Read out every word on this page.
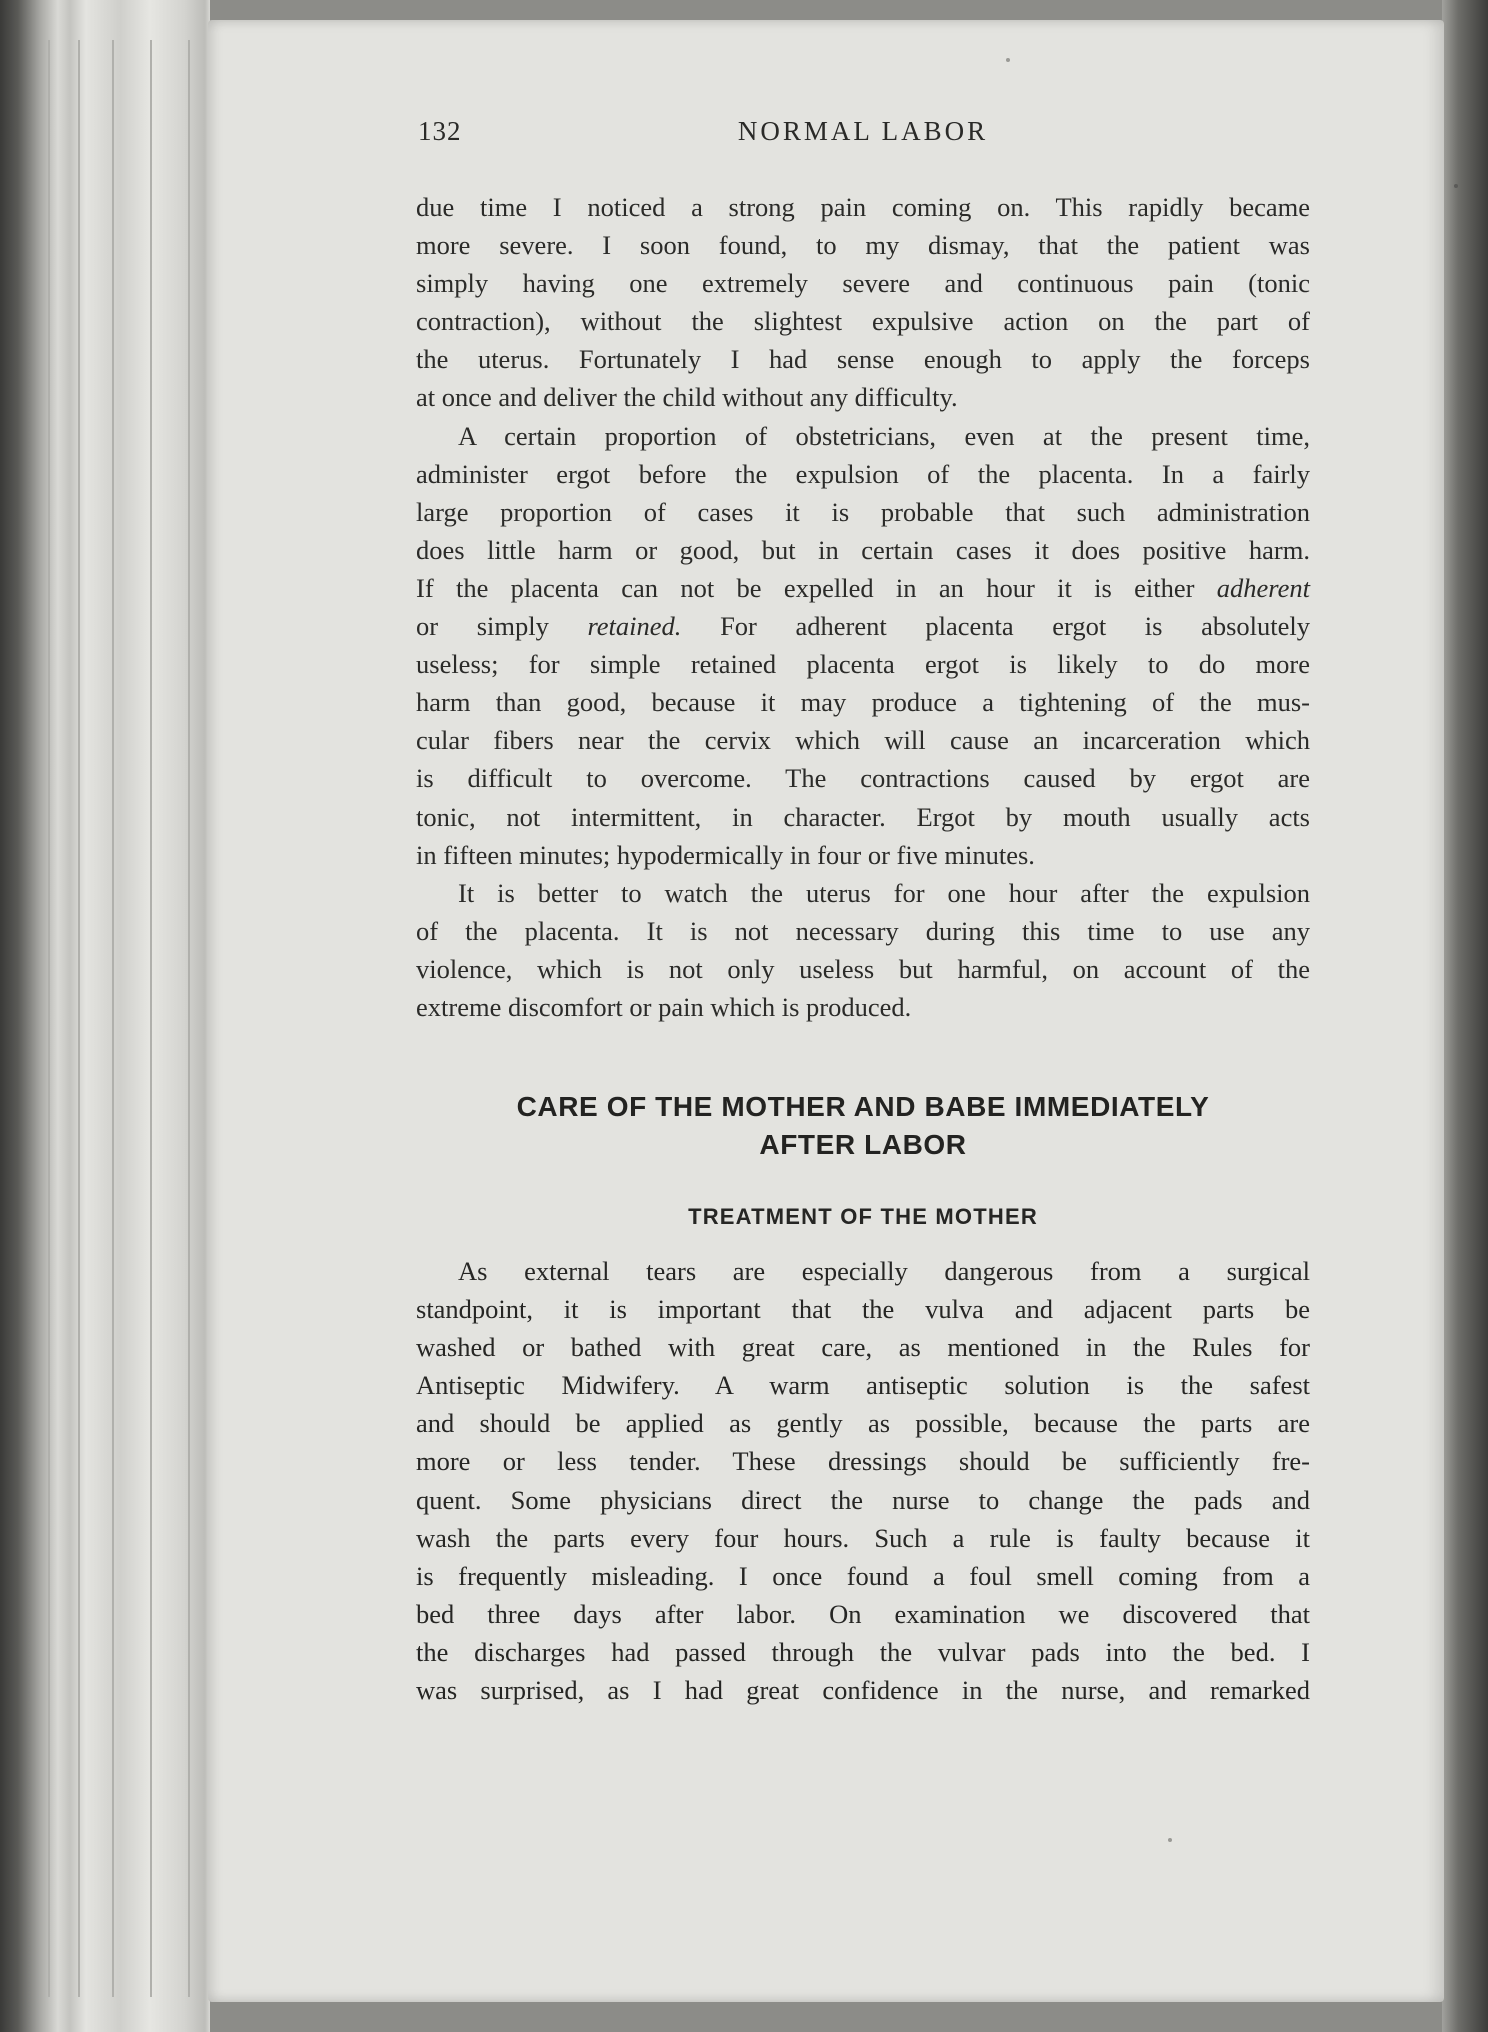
132	NORMAL LABOR

due time I noticed a strong pain coming on. This rapidly became
more severe. I soon found, to my dismay, that the patient was
simply having one extremely severe and continuous pain (tonic
contraction), without the slightest expulsive action on the part of
the uterus. Fortunately I had sense enough to apply the forceps
at once and deliver the child without any difficulty.

A certain proportion of obstetricians, even at the present time,
administer ergot before the expulsion of the placenta. In a fairly
large proportion of cases it is probable that such administration
does little harm or good, but in certain cases it does positive harm.
If the placenta can not be expelled in an hour it is either adherent
or simply retained. For adherent placenta ergot is absolutely
useless; for simple retained placenta ergot is likely to do more
harm than good, because it may produce a tightening of the mus-
cular fibers near the cervix which will cause an incarceration which
is difficult to overcome. The contractions caused by ergot are
tonic, not intermittent, in character. Ergot by mouth usually acts
in fifteen minutes; hypodermically in four or five minutes.

It is better to watch the uterus for one hour after the expulsion
of the placenta. It is not necessary during this time to use any
violence, which is not only useless but harmful, on account of the
extreme discomfort or pain which is produced.

CARE OF THE MOTHER AND BABE IMMEDIATELY
AFTER LABOR
TREATMENT OF THE MOTHER

As external tears are especially dangerous from a surgical
standpoint, it is important that the vulva and adjacent parts be
washed or bathed with great care, as mentioned in the Rules for
Antiseptic Midwifery. A warm antiseptic solution is the safest
and should be applied as gently as possible, because the parts are
more or less tender. These dressings should be sufficiently fre-
quent. Some physicians direct the nurse to change the pads and
wash the parts every four hours. Such a rule is faulty because it
is frequently misleading. I once found a foul smell coming from a
bed three days after labor. On examination we discovered that
the discharges had passed through the vulvar pads into the bed. I
was surprised, as I had great confidence in the nurse, and remarked
